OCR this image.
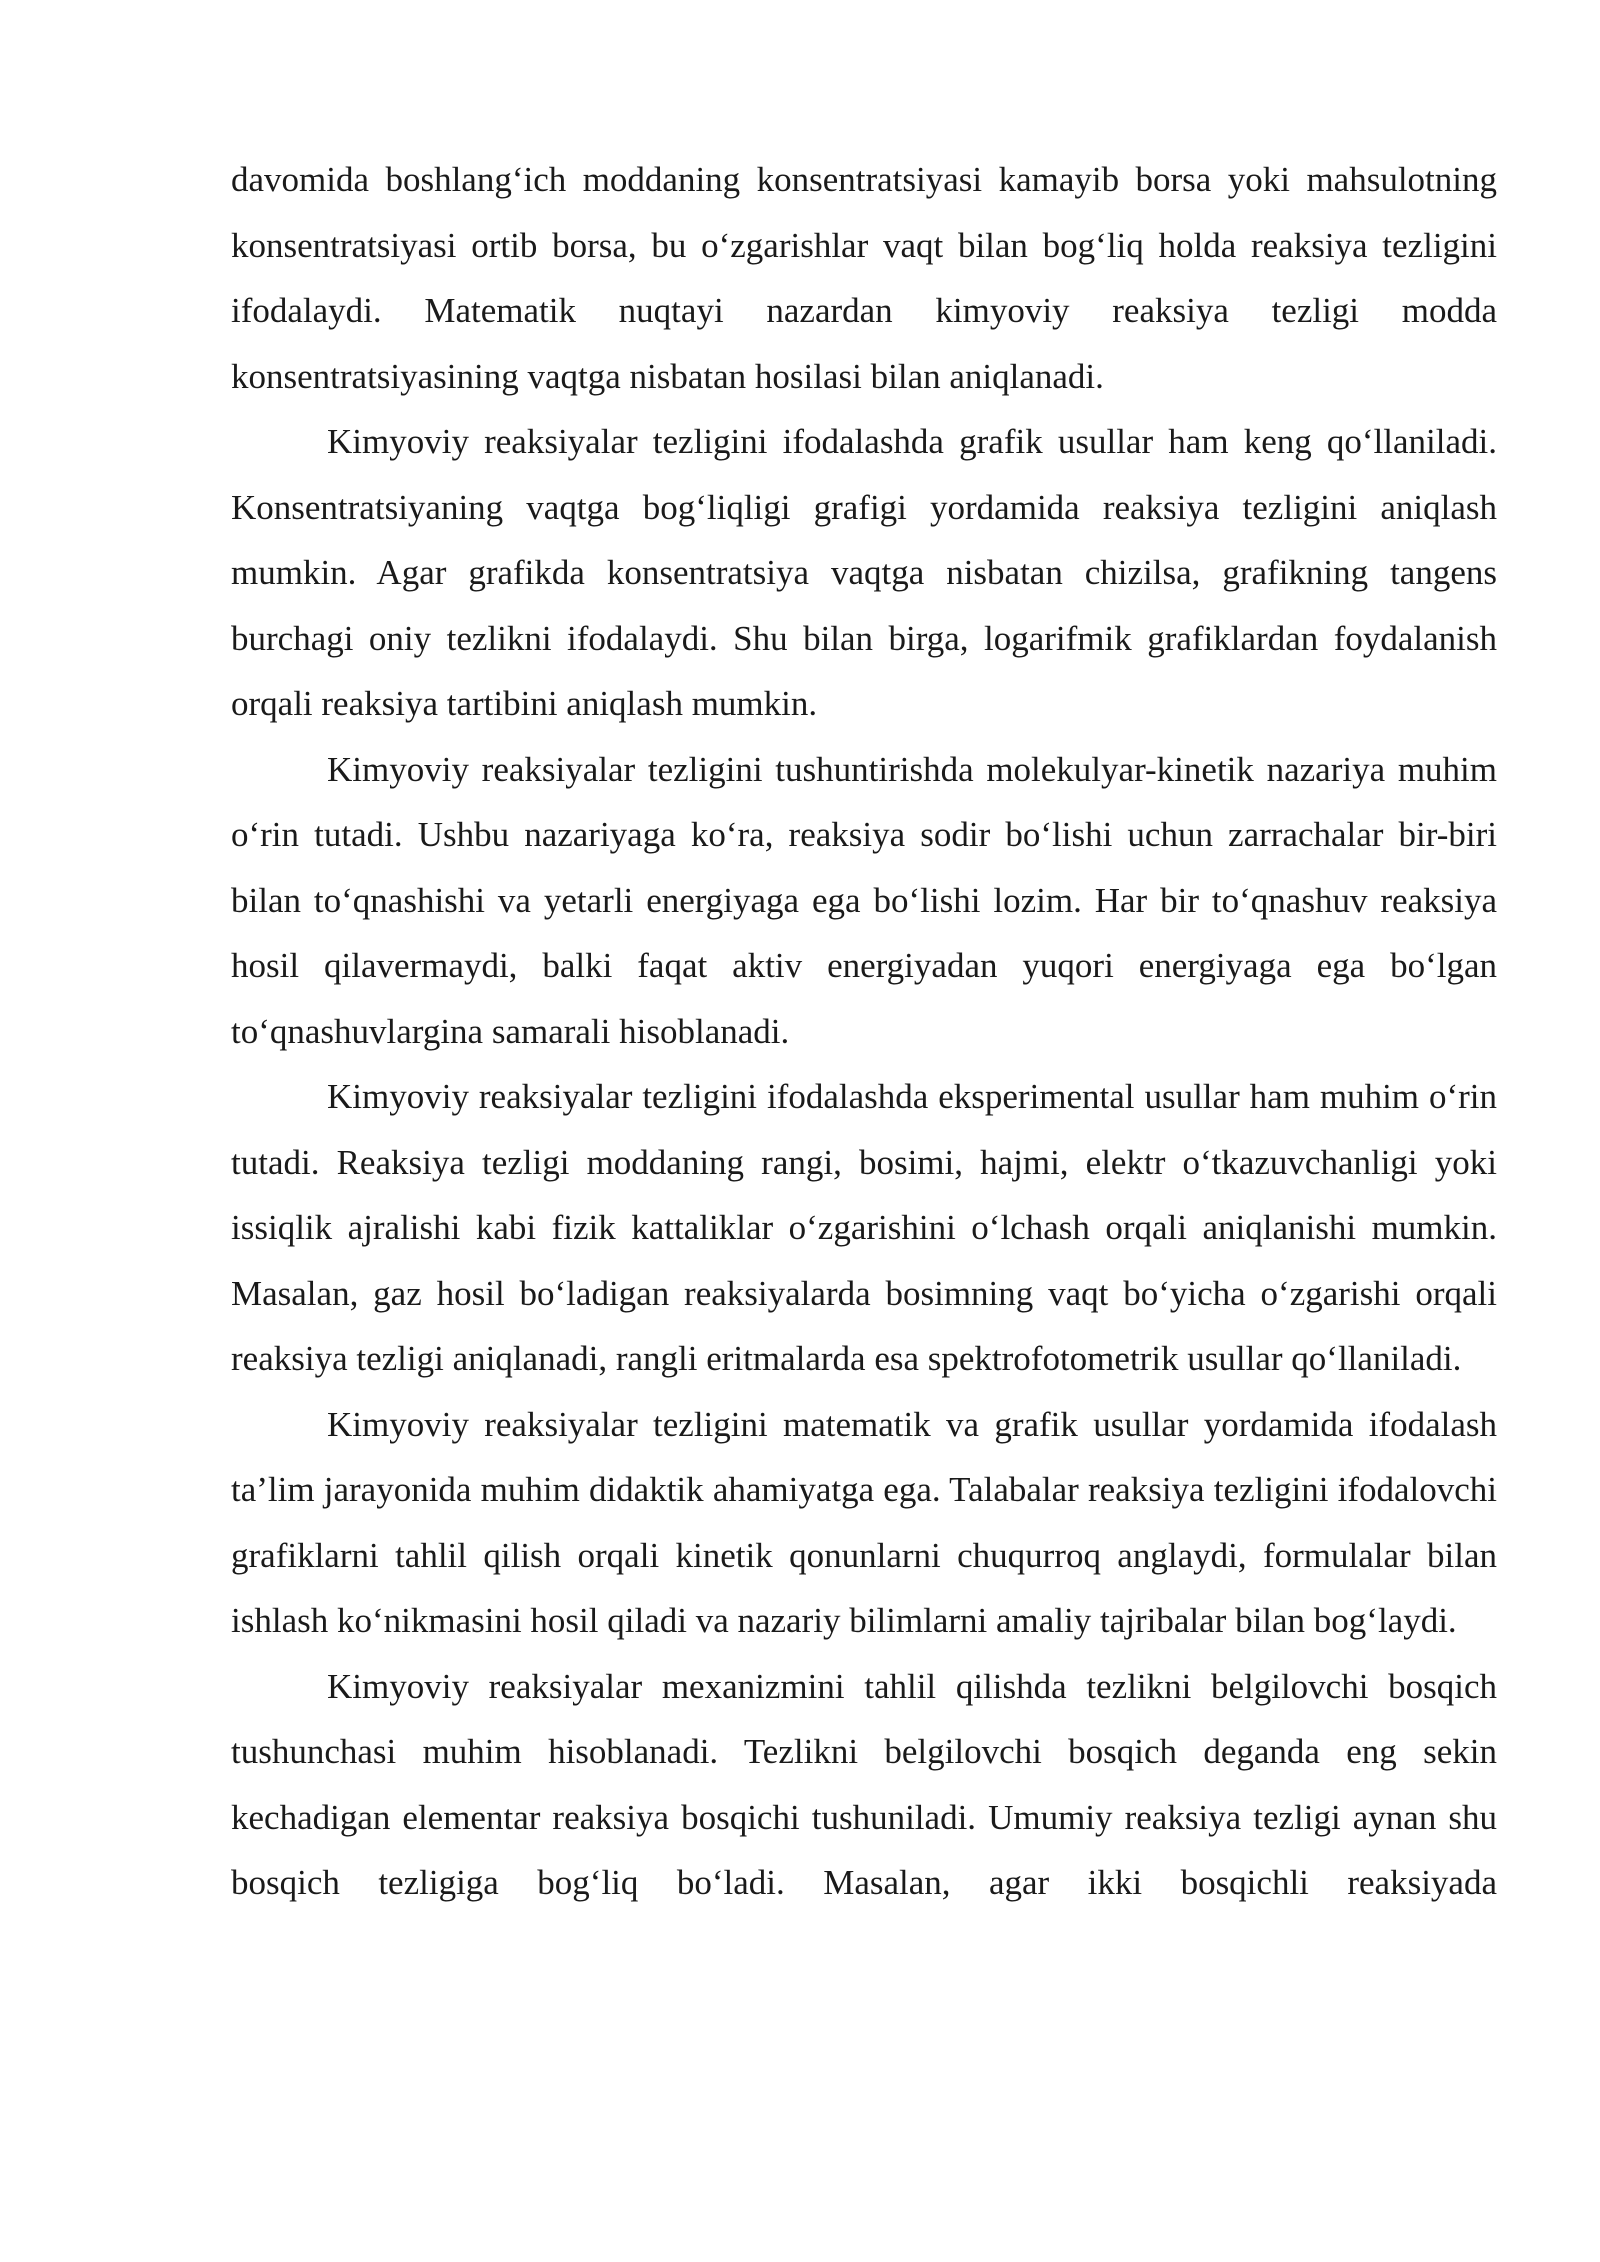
davomida boshlang‘ich moddaning konsentratsiyasi kamayib borsa yoki mahsulotning konsentratsiyasi ortib borsa, bu o‘zgarishlar vaqt bilan bog‘liq holda reaksiya tezligini ifodalaydi. Matematik nuqtayi nazardan kimyoviy reaksiya tezligi modda konsentratsiyasining vaqtga nisbatan hosilasi bilan aniqlanadi.

Kimyoviy reaksiyalar tezligini ifodalashda grafik usullar ham keng qo‘llaniladi. Konsentratsiyaning vaqtga bog‘liqligi grafigi yordamida reaksiya tezligini aniqlash mumkin. Agar grafikda konsentratsiya vaqtga nisbatan chizilsa, grafikning tangens burchagi oniy tezlikni ifodalaydi. Shu bilan birga, logarifmik grafiklardan foydalanish orqali reaksiya tartibini aniqlash mumkin.

Kimyoviy reaksiyalar tezligini tushuntirishda molekulyar-kinetik nazariya muhim o‘rin tutadi. Ushbu nazariyaga ko‘ra, reaksiya sodir bo‘lishi uchun zarrachalar bir-biri bilan to‘qnashishi va yetarli energiyaga ega bo‘lishi lozim. Har bir to‘qnashuv reaksiya hosil qilavermaydi, balki faqat aktiv energiyadan yuqori energiyaga ega bo‘lgan to‘qnashuvlargina samarali hisoblanadi.

Kimyoviy reaksiyalar tezligini ifodalashda eksperimental usullar ham muhim o‘rin tutadi. Reaksiya tezligi moddaning rangi, bosimi, hajmi, elektr o‘tkazuvchanligi yoki issiqlik ajralishi kabi fizik kattaliklar o‘zgarishini o‘lchash orqali aniqlanishi mumkin. Masalan, gaz hosil bo‘ladigan reaksiyalarda bosimning vaqt bo‘yicha o‘zgarishi orqali reaksiya tezligi aniqlanadi, rangli eritmalarda esa spektrofotometrik usullar qo‘llaniladi.

Kimyoviy reaksiyalar tezligini matematik va grafik usullar yordamida ifodalash ta’lim jarayonida muhim didaktik ahamiyatga ega. Talabalar reaksiya tezligini ifodalovchi grafiklarni tahlil qilish orqali kinetik qonunlarni chuqurroq anglaydi, formulalar bilan ishlash ko‘nikmasini hosil qiladi va nazariy bilimlarni amaliy tajribalar bilan bog‘laydi.

Kimyoviy reaksiyalar mexanizmini tahlil qilishda tezlikni belgilovchi bosqich tushunchasi muhim hisoblanadi. Tezlikni belgilovchi bosqich deganda eng sekin kechadigan elementar reaksiya bosqichi tushuniladi. Umumiy reaksiya tezligi aynan shu bosqich tezligiga bog‘liq bo‘ladi. Masalan, agar ikki bosqichli reaksiyada
